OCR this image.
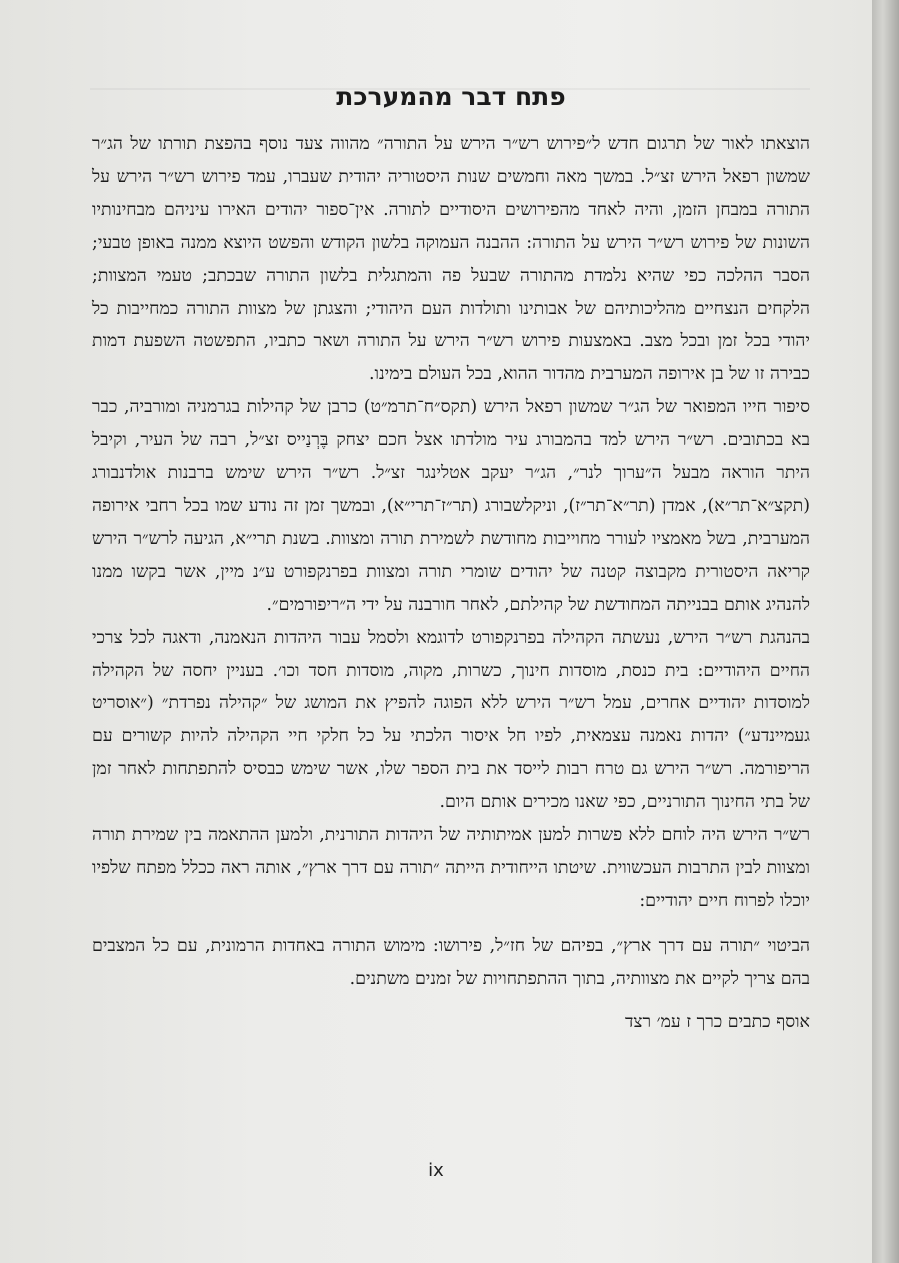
פתח דבר מהמערכת

הוצאתו לאור של תרגום חדש ל״פירוש רש״ר הירש על התורה״ מהווה צעד נוסף בהפצת תורתו של הג״ר שמשון רפאל הירש זצ״ל. במשך מאה וחמשים שנות היסטוריה יהודית שעברו, עמד פירוש רש״ר הירש על התורה במבחן הזמן, והיה לאחד מהפירושים היסודיים לתורה. אין־ספור יהודים האירו עיניהם מבחינותיו השונות של פירוש רש״ר הירש על התורה: ההבנה העמוקה בלשון הקודש והפשט היוצא ממנה באופן טבעי; הסבר ההלכה כפי שהיא נלמדת מהתורה שבעל פה והמתגלית בלשון התורה שבכתב; טעמי המצוות; הלקחים הנצחיים מהליכותיהם של אבותינו ותולדות העם היהודי; והצגתן של מצוות התורה כמחייבות כל יהודי בכל זמן ובכל מצב. באמצעות פירוש רש״ר הירש על התורה ושאר כתביו, התפשטה השפעת דמות כבירה זו של בן אירופה המערבית מהדור ההוא, בכל העולם בימינו.

סיפור חייו המפואר של הג״ר שמשון רפאל הירש (תקס״ח־תרמ״ט) כרבן של קהילות בגרמניה ומורביה, כבר בא בכתובים. רש״ר הירש למד בהמבורג עיר מולדתו אצל חכם יצחק בֶּרְנַייס זצ״ל, רבה של העיר, וקיבל היתר הוראה מבעל ה״ערוך לנר״, הג״ר יעקב אטלינגר זצ״ל. רש״ר הירש שימש ברבנות אולדנבורג (תקצ״א־תר״א), אמדן (תר״א־תר״ז), וניקלשבורג (תר״ז־תרי״א), ובמשך זמן זה נודע שמו בכל רחבי אירופה המערבית, בשל מאמציו לעורר מחוייבות מחודשת לשמירת תורה ומצוות. בשנת תרי״א, הגיעה לרש״ר הירש קריאה היסטורית מקבוצה קטנה של יהודים שומרי תורה ומצוות בפרנקפורט ע״נ מיין, אשר בקשו ממנו להנהיג אותם בבנייתה המחודשת של קהילתם, לאחר חורבנה על ידי ה״ריפורמים״.

בהנהגת רש״ר הירש, נעשתה הקהילה בפרנקפורט לדוגמא ולסמל עבור היהדות הנאמנה, ודאגה לכל צרכי החיים היהודיים: בית כנסת, מוסדות חינוך, כשרות, מקוה, מוסדות חסד וכו׳. בעניין יחסה של הקהילה למוסדות יהודיים אחרים, עמל רש״ר הירש ללא הפוגה להפיץ את המושג של ״קהילה נפרדת״ (״אוסריט געמיינדע״) יהדות נאמנה עצמאית, לפיו חל איסור הלכתי על כל חלקי חיי הקהילה להיות קשורים עם הריפורמה. רש״ר הירש גם טרח רבות לייסד את בית הספר שלו, אשר שימש כבסיס להתפתחות לאחר זמן של בתי החינוך התורניים, כפי שאנו מכירים אותם היום.

רש״ר הירש היה לוחם ללא פשרות למען אמיתותיה של היהדות התורנית, ולמען ההתאמה בין שמירת תורה ומצוות לבין התרבות העכשווית. שיטתו הייחודית הייתה ״תורה עם דרך ארץ״, אותה ראה ככלל מפתח שלפיו יוכלו לפרוח חיים יהודיים:

הביטוי ״תורה עם דרך ארץ״, בפיהם של חז״ל, פירושו: מימוש התורה באחדות הרמונית, עם כל המצבים בהם צריך לקיים את מצוותיה, בתוך ההתפתחויות של זמנים משתנים.

אוסף כתבים כרך ז עמ׳ רצד
ix
